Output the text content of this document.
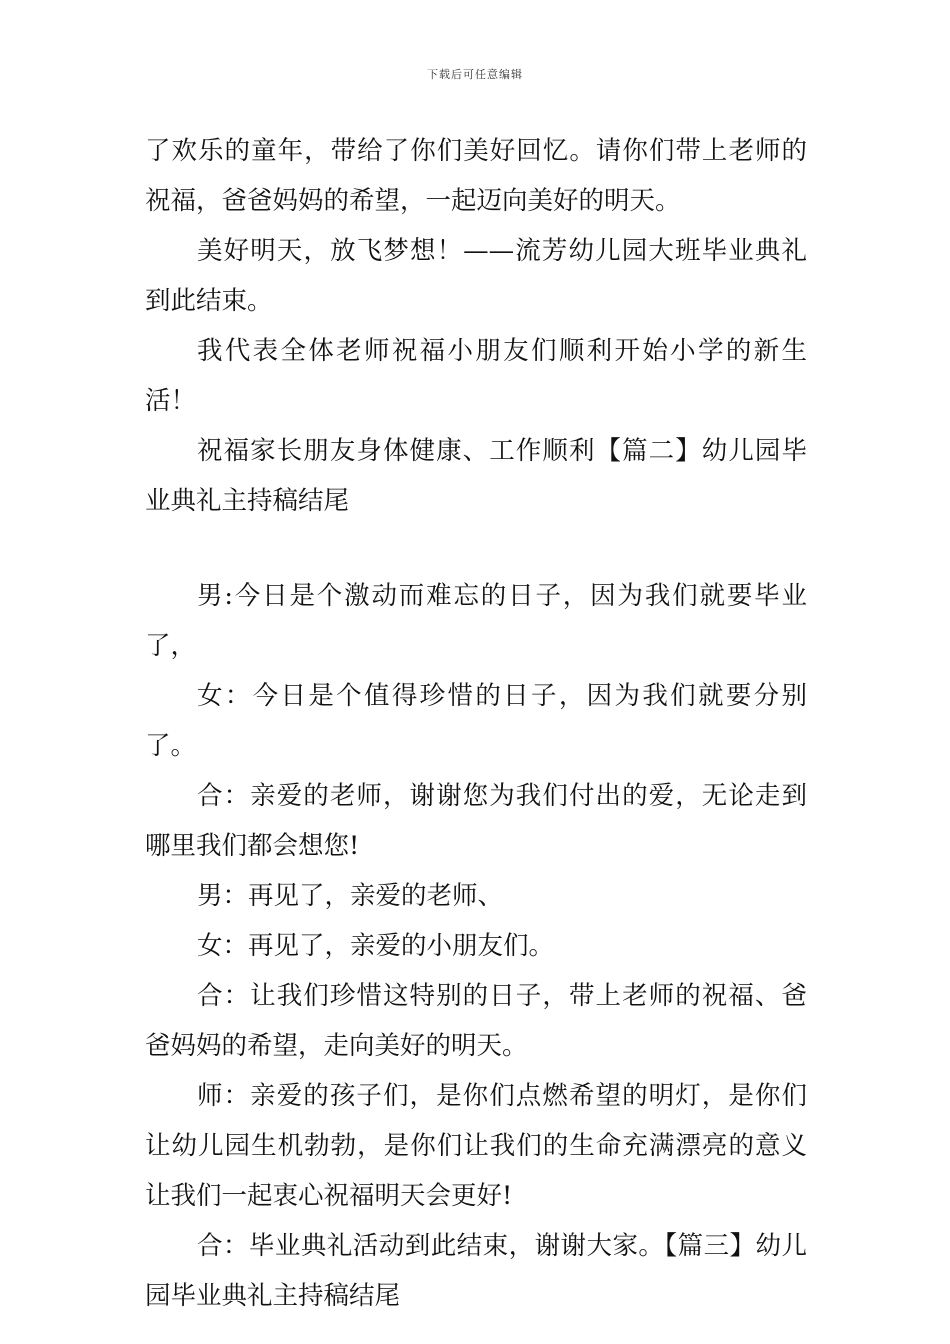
下载后可任意编辑

了欢乐的童年，带给了你们美好回忆。请你们带上老师的祝福，爸爸妈妈的希望，一起迈向美好的明天。

美好明天，放飞梦想！——流芳幼儿园大班毕业典礼到此结束。

我代表全体老师祝福小朋友们顺利开始小学的新生活！

祝福家长朋友身体健康、工作顺利【篇二】幼儿园毕业典礼主持稿结尾

男:今日是个激动而难忘的日子，因为我们就要毕业了，

女：今日是个值得珍惜的日子，因为我们就要分别了。

合：亲爱的老师，谢谢您为我们付出的爱，无论走到哪里我们都会想您!

男：再见了，亲爱的老师、

女：再见了，亲爱的小朋友们。

合：让我们珍惜这特别的日子，带上老师的祝福、爸爸妈妈的希望，走向美好的明天。

师：亲爱的孩子们，是你们点燃希望的明灯，是你们让幼儿园生机勃勃，是你们让我们的生命充满漂亮的意义让我们一起衷心祝福明天会更好!

合：毕业典礼活动到此结束，谢谢大家。【篇三】幼儿园毕业典礼主持稿结尾
